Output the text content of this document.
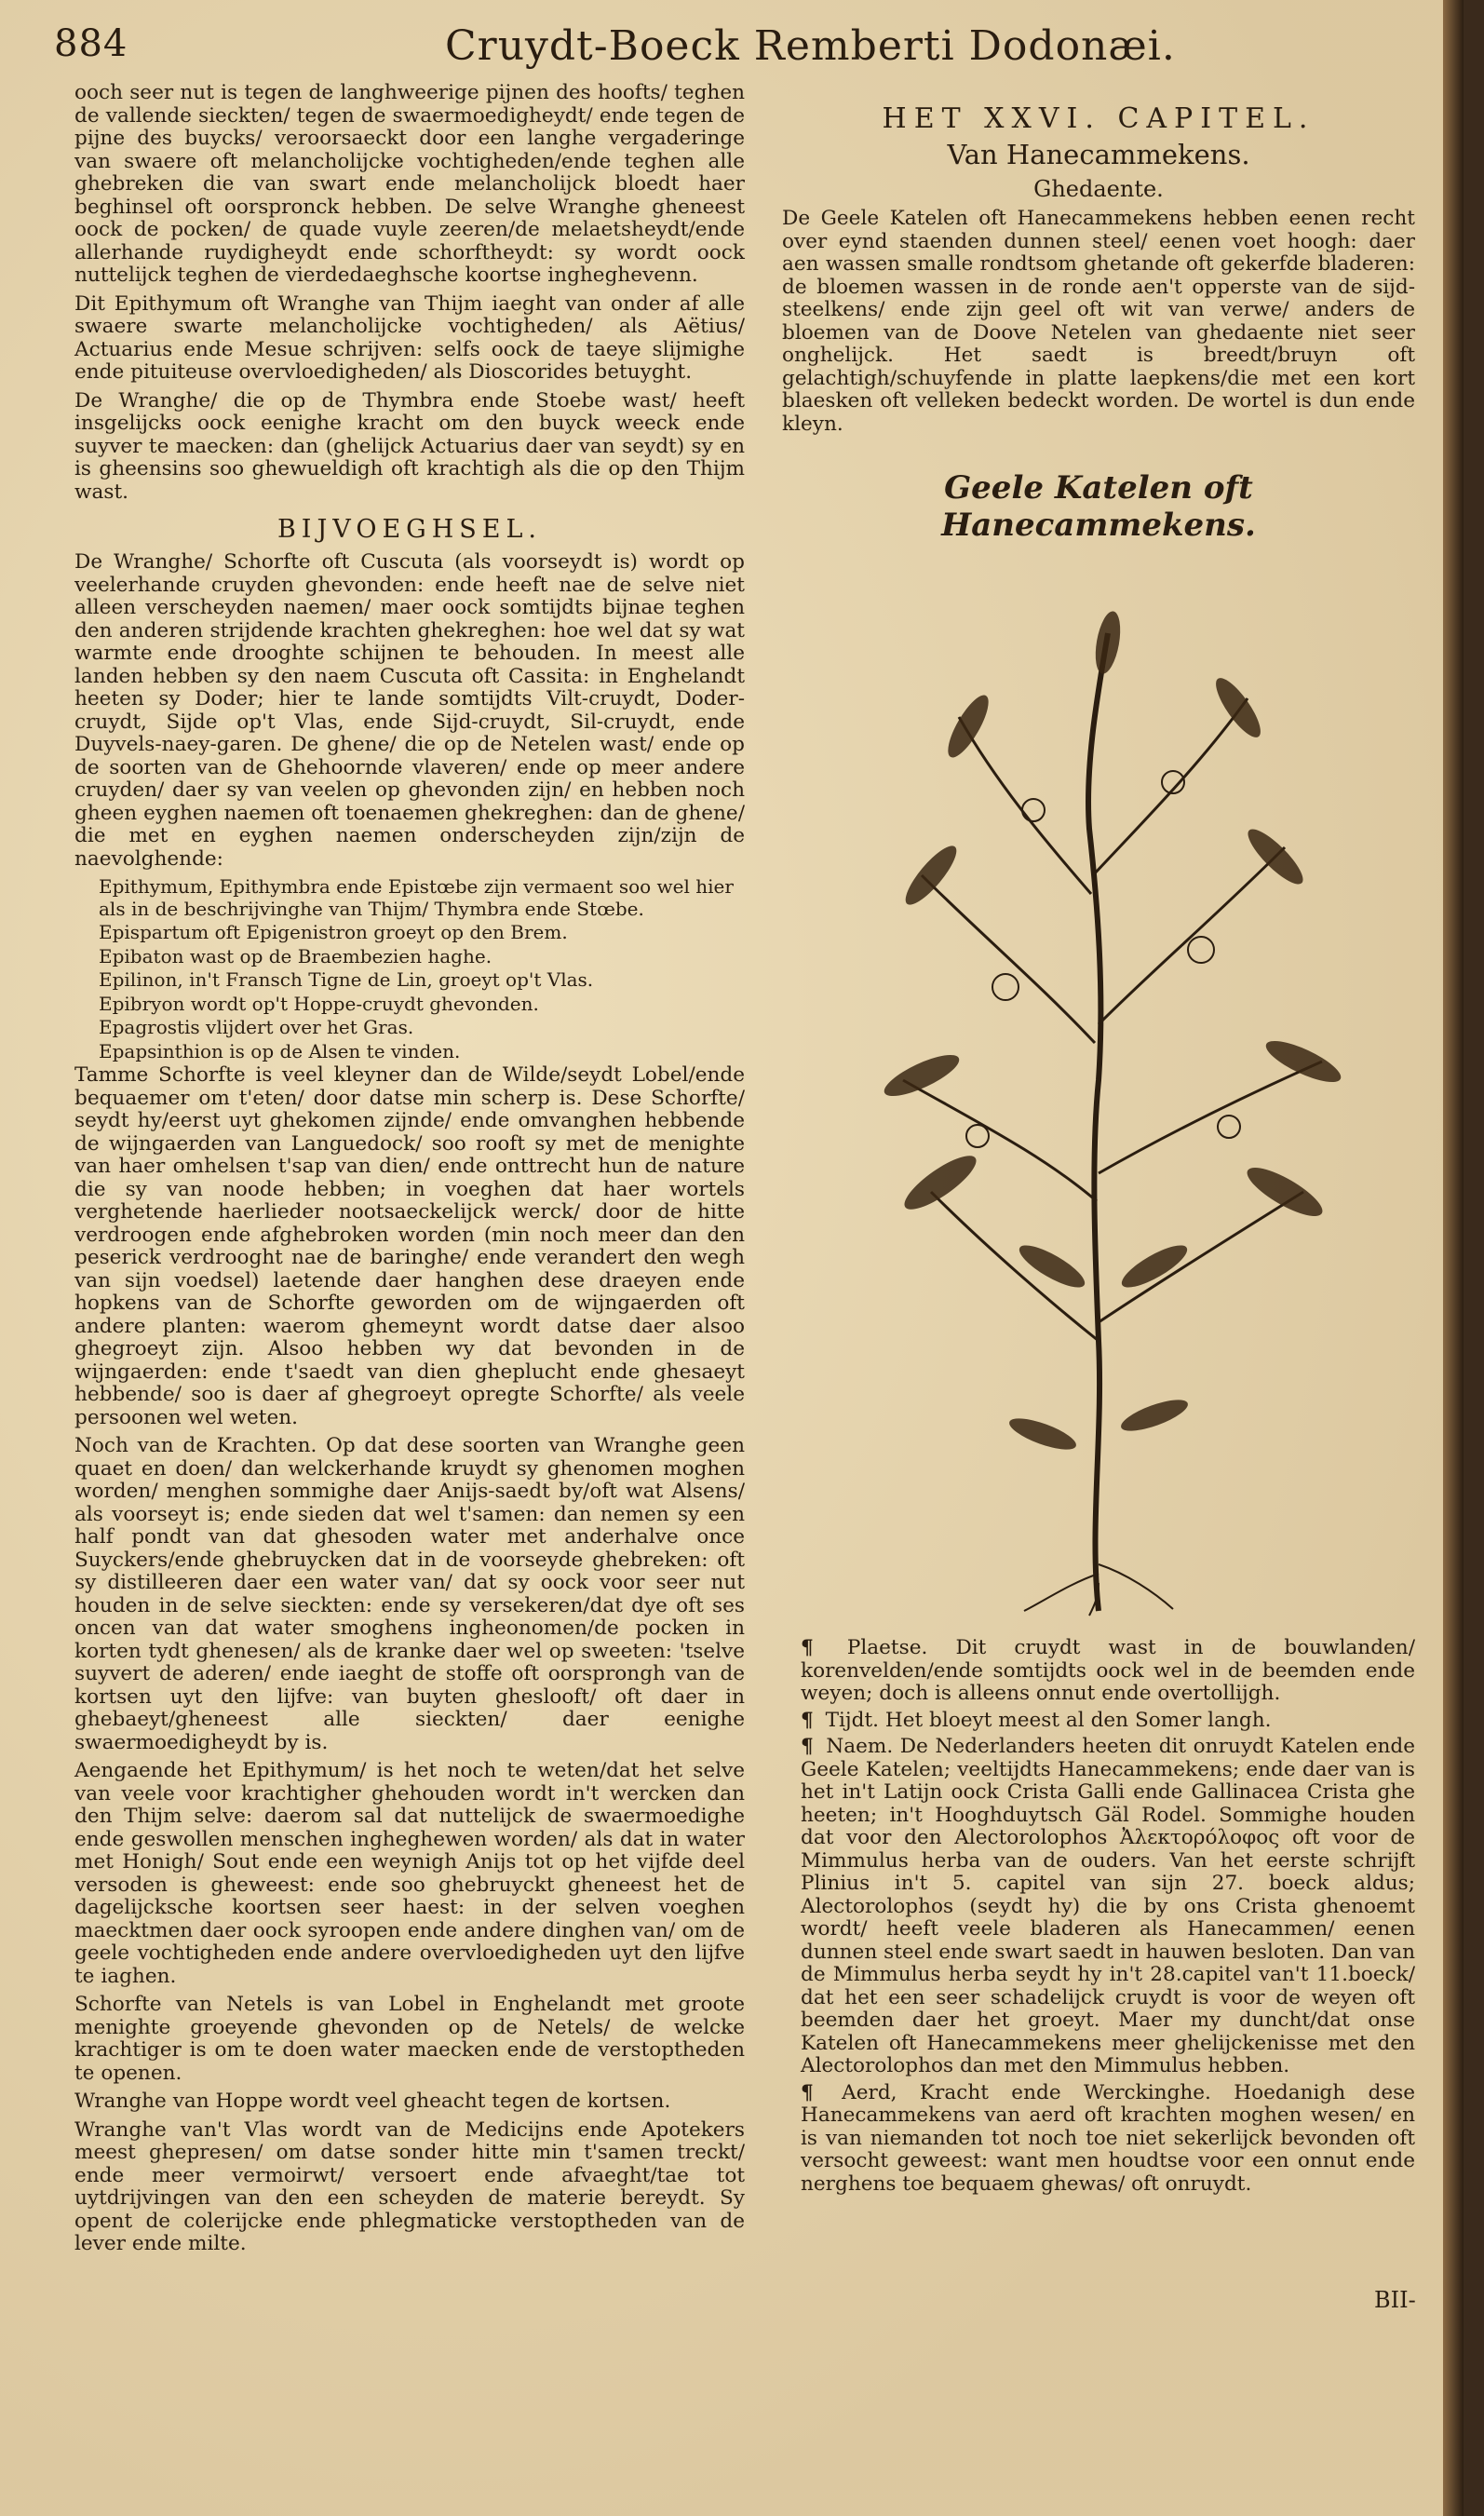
884	Cruydt-Boeck Remberti Dodonæi.

ooch seer nut is tegen de langhweerige pijnen des hoofts/ teghen de vallende sieckten/ tegen de swaermoedigheydt/ ende tegen de pijne des buycks/ veroorsaeckt door een langhe vergaderinge van swaere oft melancholijcke vochtigheden/ende teghen alle ghebreken die van swart ende melancholijck bloedt haer beghinsel oft oorspronck hebben. De selve Wranghe gheneest oock de pocken/ de quade vuyle zeeren/de melaetsheydt/ende allerhande ruydigheydt ende schorftheydt: sy wordt oock nuttelijck teghen de vierdedaeghsche koortse ingheghevenn.

Dit Epithymum oft Wranghe van Thijm iaeght van onder af alle swaere swarte melancholijcke vochtigheden/ als Aëtius/ Actuarius ende Mesue schrijven: selfs oock de taeye slijmighe ende pituiteuse overvloedigheden/ als Dioscorides betuyght.

De Wranghe/ die op de Thymbra ende Stoebe wast/ heeft insgelijcks oock eenighe kracht om den buyck weeck ende suyver te maecken: dan (ghelijck Actuarius daer van seydt) sy en is gheensins soo ghewueldigh oft krachtigh als die op den Thijm wast.

BIJVOEGHSEL.

De Wranghe/ Schorfte oft Cuscuta (als voorseydt is) wordt op veelerhande cruyden ghevonden: ende heeft nae de selve niet alleen verscheyden naemen/ maer oock somtijdts bijnae teghen den anderen strijdende krachten ghekreghen: hoe wel dat sy wat warmte ende drooghte schijnen te behouden. In meest alle landen hebben sy den naem Cuscuta oft Cassita: in Enghelandt heeten sy Doder; hier te lande somtijdts Vilt-cruydt, Doder-cruydt, Sijde op't Vlas, ende Sijd-cruydt, Sil-cruydt, ende Duyvels-naey-garen. De ghene/ die op de Netelen wast/ ende op de soorten van de Ghehoornde vlaveren/ ende op meer andere cruyden/ daer sy van veelen op ghevonden zijn/ en hebben noch gheen eyghen naemen oft toenaemen ghekreghen: dan de ghene/ die met en eyghen naemen onderscheyden zijn/zijn de naevolghende:

Epithymum, Epithymbra ende Epistœbe zijn vermaent soo wel hier als in de beschrijvinghe van Thijm/ Thymbra ende Stœbe.

Epispartum oft Epigenistron groeyt op den Brem.

Epibaton wast op de Braembezien haghe.

Epilinon, in't Fransch Tigne de Lin, groeyt op't Vlas.

Epibryon wordt op't Hoppe-cruydt ghevonden.

Epagrostis vlijdert over het Gras.

Epapsinthion is op de Alsen te vinden.

Tamme Schorfte is veel kleyner dan de Wilde/seydt Lobel/ende bequaemer om t'eten/ door datse min scherp is. Dese Schorfte/ seydt hy/eerst uyt ghekomen zijnde/ ende omvanghen hebbende de wijngaerden van Languedock/ soo rooft sy met de menighte van haer omhelsen t'sap van dien/ ende onttrecht hun de nature die sy van noode hebben; in voeghen dat haer wortels verghetende haerlieder nootsaeckelijck werck/ door de hitte verdroogen ende afghebroken worden (min noch meer dan den peserick verdrooght nae de baringhe/ ende verandert den wegh van sijn voedsel) laetende daer hanghen dese draeyen ende hopkens van de Schorfte geworden om de wijngaerden oft andere planten: waerom ghemeynt wordt datse daer alsoo ghegroeyt zijn. Alsoo hebben wy dat bevonden in de wijngaerden: ende t'saedt van dien gheplucht ende ghesaeyt hebbende/ soo is daer af ghegroeyt opregte Schorfte/ als veele persoonen wel weten.

Noch van de Krachten. Op dat dese soorten van Wranghe geen quaet en doen/ dan welckerhande kruydt sy ghenomen moghen worden/ menghen sommighe daer Anijs-saedt by/oft wat Alsens/ als voorseyt is; ende sieden dat wel t'samen: dan nemen sy een half pondt van dat ghesoden water met anderhalve once Suyckers/ende ghebruycken dat in de voorseyde ghebreken: oft sy distilleeren daer een water van/ dat sy oock voor seer nut houden in de selve sieckten: ende sy versekeren/dat dye oft ses oncen van dat water smoghens ingheonomen/de pocken in korten tydt ghenesen/ als de kranke daer wel op sweeten: 'tselve suyvert de aderen/ ende iaeght de stoffe oft oorsprongh van de kortsen uyt den lijfve: van buyten gheslooft/ oft daer in ghebaeyt/gheneest alle sieckten/ daer eenighe swaermoedigheydt by is.

Aengaende het Epithymum/ is het noch te weten/dat het selve van veele voor krachtigher ghehouden wordt in't wercken dan den Thijm selve: daerom sal dat nuttelijck de swaermoedighe ende geswollen menschen ingheghewen worden/ als dat in water met Honigh/ Sout ende een weynigh Anijs tot op het vijfde deel versoden is gheweest: ende soo ghebruyckt gheneest het de dagelijcksche koortsen seer haest: in der selven voeghen maecktmen daer oock syroopen ende andere dinghen van/ om de geele vochtigheden ende andere overvloedigheden uyt den lijfve te iaghen.

Schorfte van Netels is van Lobel in Enghelandt met groote menighte groeyende ghevonden op de Netels/ de welcke krachtiger is om te doen water maecken ende de verstoptheden te openen.

Wranghe van Hoppe wordt veel gheacht tegen de kortsen.

Wranghe van't Vlas wordt van de Medicijns ende Apotekers meest ghepresen/ om datse sonder hitte min t'samen treckt/ ende meer vermoirwt/ versoert ende afvaeght/tae tot uytdrijvingen van den een scheyden de materie bereydt. Sy opent de colerijcke ende phlegmaticke verstoptheden van de lever ende milte.

HET XXVI. CAPITEL.
Van Hanecammekens.
Ghedaente.

De Geele Katelen oft Hanecammekens hebben eenen recht over eynd staenden dunnen steel/ eenen voet hoogh: daer aen wassen smalle rondtsom ghetande oft gekerfde bladeren: de bloemen wassen in de ronde aen't opperste van de sijd-steelkens/ ende zijn geel oft wit van verwe/ anders de bloemen van de Doove Netelen van ghedaente niet seer onghelijck. Het saedt is breedt/bruyn oft gelachtigh/schuyfende in platte laepkens/die met een kort blaesken oft velleken bedeckt worden. De wortel is dun ende kleyn.

Geele Katelen oft Hanecammekens.

¶ Plaetse. Dit cruydt wast in de bouwlanden/ korenvelden/ende somtijdts oock wel in de beemden ende weyen; doch is alleens onnut ende overtollijgh.

¶ Tijdt. Het bloeyt meest al den Somer langh.

¶ Naem. De Nederlanders heeten dit onruydt Katelen ende Geele Katelen; veeltijdts Hanecammekens; ende daer van is het in't Latijn oock Crista Galli ende Gallinacea Crista ghe heeten; in't Hooghduytsch Gäl Rodel. Sommighe houden dat voor den Alectorolophos Ἀλεκτορόλοφος oft voor de Mimmulus herba van de ouders. Van het eerste schrijft Plinius in't 5. capitel van sijn 27. boeck aldus; Alectorolophos (seydt hy) die by ons Crista ghenoemt wordt/ heeft veele bladeren als Hanecammen/ eenen dunnen steel ende swart saedt in hauwen besloten. Dan van de Mimmulus herba seydt hy in't 28.capitel van't 11.boeck/ dat het een seer schadelijck cruydt is voor de weyen oft beemden daer het groeyt. Maer my duncht/dat onse Katelen oft Hanecammekens meer ghelijckenisse met den Alectorolophos dan met den Mimmulus hebben.

¶ Aerd, Kracht ende Werckinghe. Hoedanigh dese Hanecammekens van aerd oft krachten moghen wesen/ en is van niemanden tot noch toe niet sekerlijck bevonden oft versocht geweest: want men houdtse voor een onnut ende nerghens toe bequaem ghewas/ oft onruydt.

BII-
